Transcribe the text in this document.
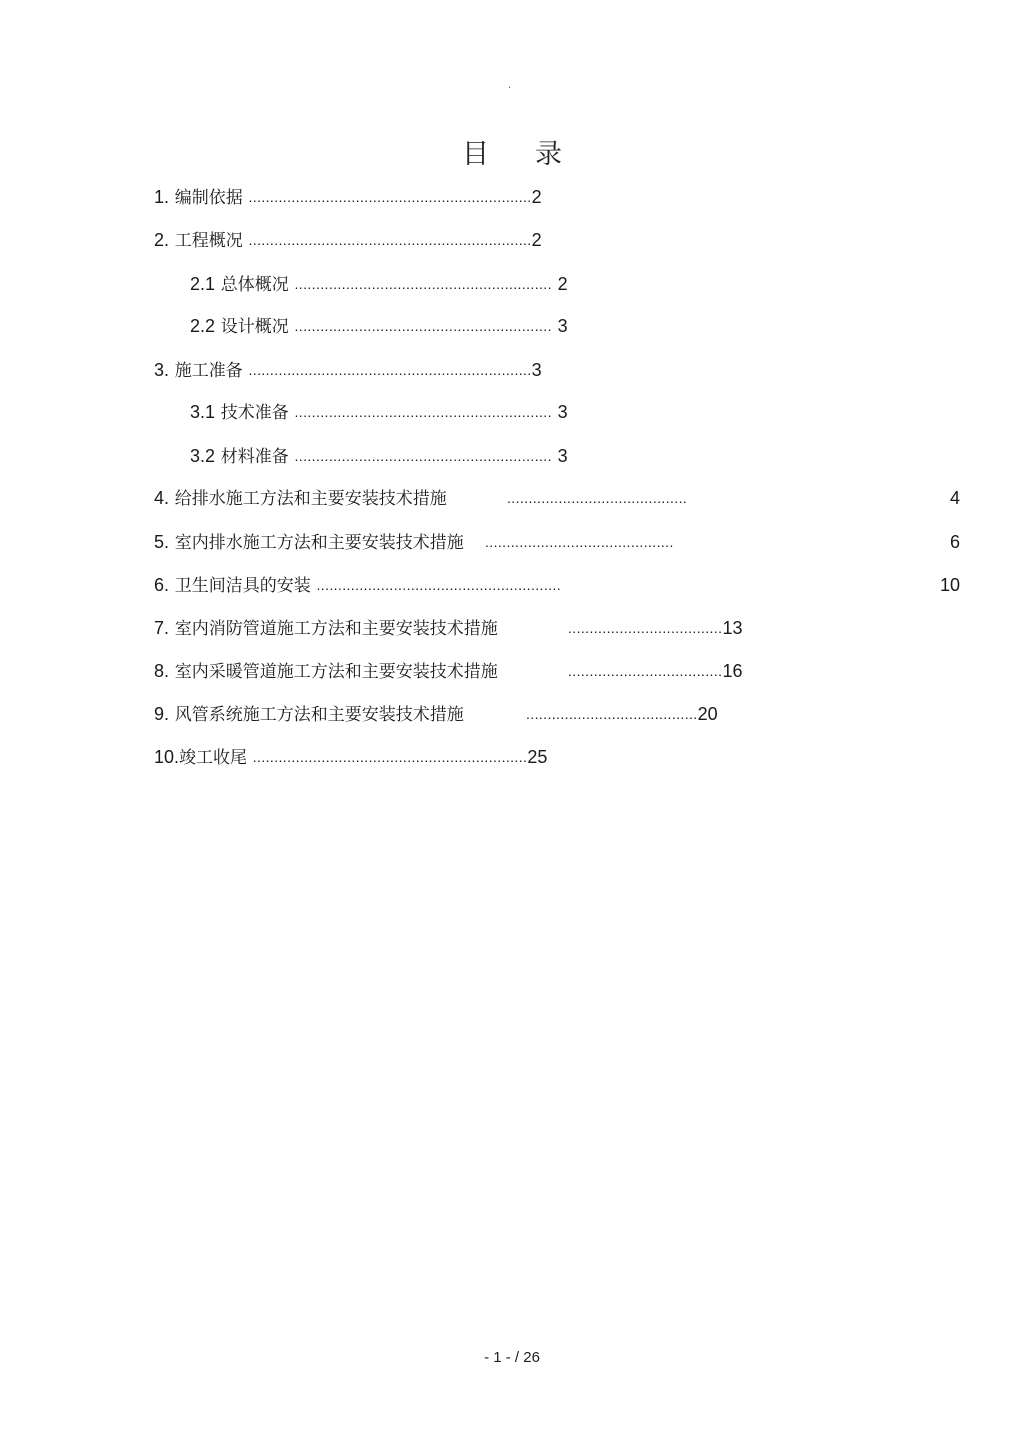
.
目 录
1. 编制依据 ..................................................................2
2. 工程概况 ..................................................................2
2.1 总体概况 ............................................................ 2
2.2 设计概况 ............................................................ 3
3. 施工准备 ..................................................................3
3.1 技术准备 ............................................................ 3
3.2 材料准备 ............................................................ 3
4. 给排水施工方法和主要安装技术措施	..........................................	4
5. 室内排水施工方法和主要安装技术措施 ............................................	6
6. 卫生间洁具的安装 .........................................................	10
7. 室内消防管道施工方法和主要安装技术措施	....................................13
8. 室内采暖管道施工方法和主要安装技术措施	....................................16
9. 风管系统施工方法和主要安装技术措施	........................................20
10.竣工收尾 ................................................................25
- 1 - / 26
